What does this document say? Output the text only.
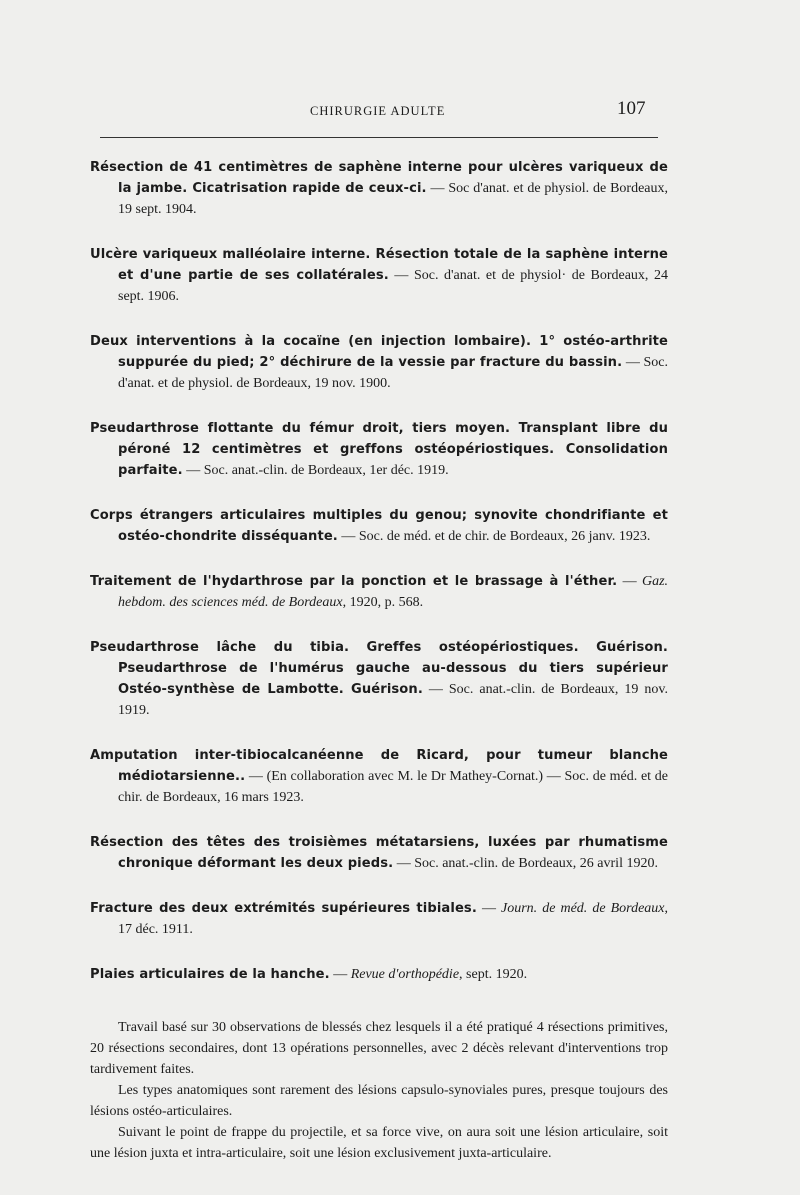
CHIRURGIE ADULTE	107
Résection de 41 centimètres de saphène interne pour ulcères variqueux de la jambe. Cicatrisation rapide de ceux-ci. — Soc d'anat. et de physiol. de Bordeaux, 19 sept. 1904.
Ulcère variqueux malléolaire interne. Résection totale de la saphène interne et d'une partie de ses collatérales. — Soc. d'anat. et de physiol· de Bordeaux, 24 sept. 1906.
Deux interventions à la cocaïne (en injection lombaire). 1° ostéo-arthrite suppurée du pied; 2° déchirure de la vessie par fracture du bassin. — Soc. d'anat. et de physiol. de Bordeaux, 19 nov. 1900.
Pseudarthrose flottante du fémur droit, tiers moyen. Transplant libre du péroné 12 centimètres et greffons ostéopériostiques. Consolidation parfaite. — Soc. anat.-clin. de Bordeaux, 1er déc. 1919.
Corps étrangers articulaires multiples du genou; synovite chondrifiante et ostéo-chondrite disséquante. — Soc. de méd. et de chir. de Bordeaux, 26 janv. 1923.
Traitement de l'hydarthrose par la ponction et le brassage à l'éther. — Gaz. hebdom. des sciences méd. de Bordeaux, 1920, p. 568.
Pseudarthrose lâche du tibia. Greffes ostéopériostiques. Guérison. Pseudarthrose de l'humérus gauche au-dessous du tiers supérieur Ostéo-synthèse de Lambotte. Guérison. — Soc. anat.-clin. de Bordeaux, 19 nov. 1919.
Amputation inter-tibiocalcanéenne de Ricard, pour tumeur blanche médiotarsienne.. — (En collaboration avec M. le Dr Mathey-Cornat.) — Soc. de méd. et de chir. de Bordeaux, 16 mars 1923.
Résection des têtes des troisièmes métatarsiens, luxées par rhumatisme chronique déformant les deux pieds. — Soc. anat.-clin. de Bordeaux, 26 avril 1920.
Fracture des deux extrémités supérieures tibiales. — Journ. de méd. de Bordeaux, 17 déc. 1911.
Plaies articulaires de la hanche. — Revue d'orthopédie, sept. 1920.

Travail basé sur 30 observations de blessés chez lesquels il a été pratiqué 4 résections primitives, 20 résections secondaires, dont 13 opérations personnelles, avec 2 décès relevant d'interventions trop tardivement faites.

Les types anatomiques sont rarement des lésions capsulo-synoviales pures, presque toujours des lésions ostéo-articulaires.

Suivant le point de frappe du projectile, et sa force vive, on aura soit une lésion articulaire, soit une lésion juxta et intra-articulaire, soit une lésion exclusivement juxta-articulaire.
